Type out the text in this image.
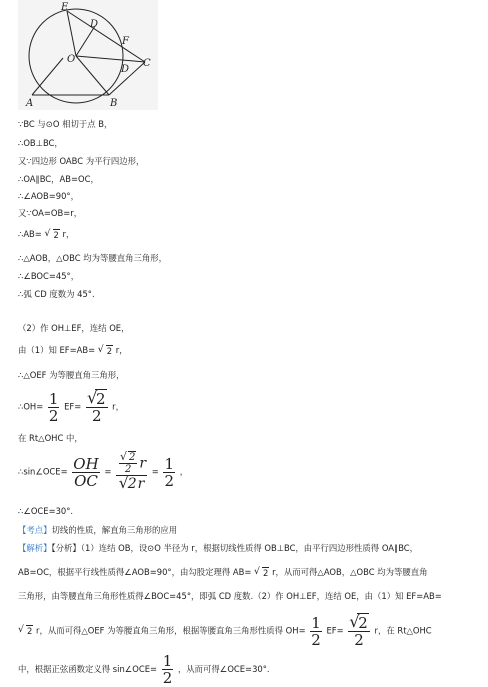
E
D
O
F
D
C
A	B
∵BC 与⊙O 相切于点 B，
∴OB⊥BC，
又∵四边形 OABC 为平行四边形，
∴OA∥BC，AB=OC，
∴∠AOB=90°，
又∵OA=OB=r，
∴AB= √ 2 r，
∴△AOB，△OBC 均为等腰直角三角形，
∴∠BOC=45°，
∴弧 CD 度数为 45°.
（2）作 OH⊥EF，连结 OE，
由（1）知 EF=AB= √ 2 r，
∴△OEF 为等腰直角三角形，
∴OH= $\frac{1}{2} EF=$ √ $\frac{2}{2}$ r，
在 Rt△OHC 中，
∴sin∠OCE= $\frac{OH}{OC}$ = √ $\frac{2}{2}$ r
√ $2r = \frac{1}{2}$ ，
∴∠OCE=30°.
【考点】切线的性质，解直角三角形的应用
【解析】【分析】（1）连结 OB，设⊙O 半径为 r，根据切线性质得 OB⊥BC，由平行四边形性质得 OA∥BC，
AB=OC，根据平行线性质得∠AOB=90°，由勾股定理得 AB= √ 2 r，从而可得△AOB，△OBC 均为等腰直角
三角形，由等腰直角三角形性质得∠BOC=45°，即弧 CD 度数.（2）作 OH⊥EF，连结 OE，由（1）知 EF=AB=
√ 2 r，从而可得△OEF 为等腰直角三角形，根据等腰直角三角形性质得 $OH= \frac{1}{2} EF=$ √ $\frac{2}{2}$ r，在 Rt△OHC
中，根据正弦函数定义得 sin∠OCE= $\frac{1}{2}$ ，从而可得∠OCE=30°.
